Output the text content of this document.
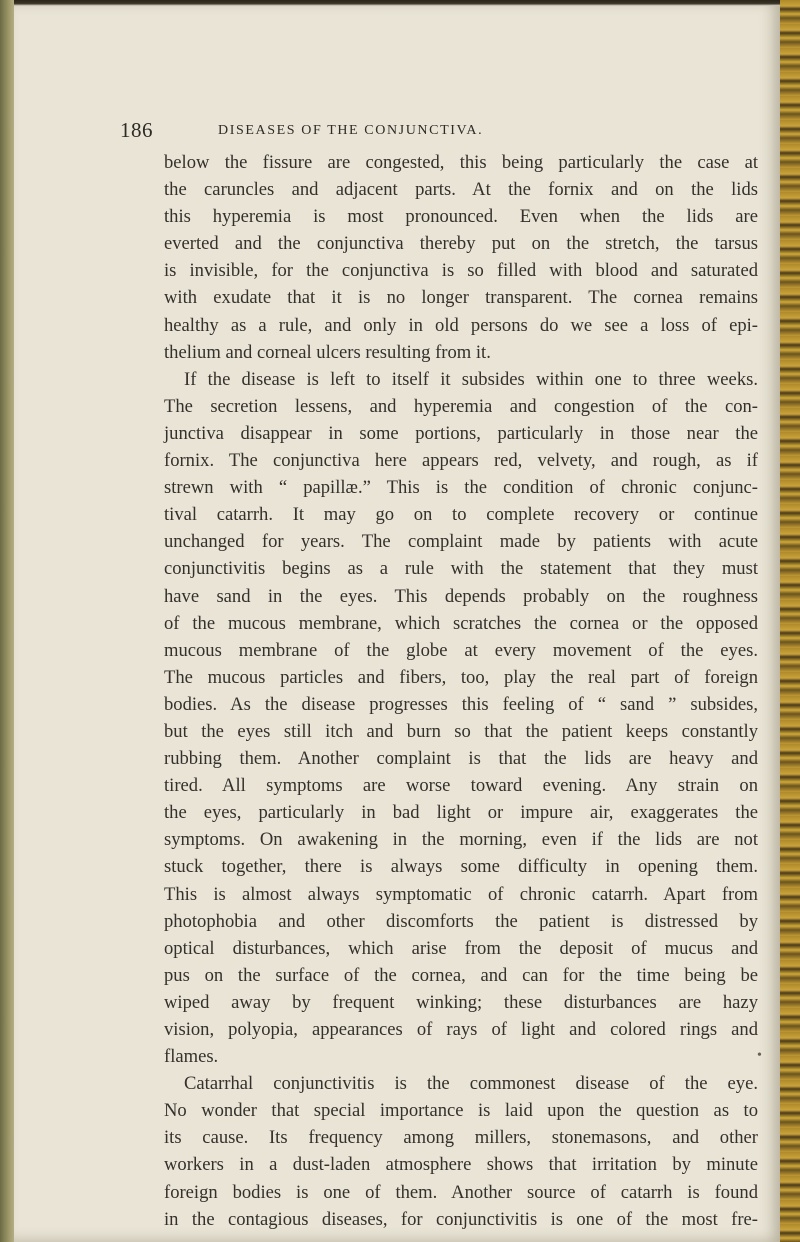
186	DISEASES OF THE CONJUNCTIVA.
below the fissure are congested, this being particularly the case at
the caruncles and adjacent parts. At the fornix and on the lids
this hyperemia is most pronounced. Even when the lids are
everted and the conjunctiva thereby put on the stretch, the tarsus
is invisible, for the conjunctiva is so filled with blood and saturated
with exudate that it is no longer transparent. The cornea remains
healthy as a rule, and only in old persons do we see a loss of epi-
thelium and corneal ulcers resulting from it.
If the disease is left to itself it subsides within one to three weeks.
The secretion lessens, and hyperemia and congestion of the con-
junctiva disappear in some portions, particularly in those near the
fornix. The conjunctiva here appears red, velvety, and rough, as if
strewn with “ papillæ.” This is the condition of chronic conjunc-
tival catarrh. It may go on to complete recovery or continue
unchanged for years. The complaint made by patients with acute
conjunctivitis begins as a rule with the statement that they must
have sand in the eyes. This depends probably on the roughness
of the mucous membrane, which scratches the cornea or the opposed
mucous membrane of the globe at every movement of the eyes.
The mucous particles and fibers, too, play the real part of foreign
bodies. As the disease progresses this feeling of “ sand ” subsides,
but the eyes still itch and burn so that the patient keeps constantly
rubbing them. Another complaint is that the lids are heavy and
tired. All symptoms are worse toward evening. Any strain on
the eyes, particularly in bad light or impure air, exaggerates the
symptoms. On awakening in the morning, even if the lids are not
stuck together, there is always some difficulty in opening them.
This is almost always symptomatic of chronic catarrh. Apart from
photophobia and other discomforts the patient is distressed by
optical disturbances, which arise from the deposit of mucus and
pus on the surface of the cornea, and can for the time being be
wiped away by frequent winking; these disturbances are hazy
vision, polyopia, appearances of rays of light and colored rings and
flames.
Catarrhal conjunctivitis is the commonest disease of the eye.
No wonder that special importance is laid upon the question as to
its cause. Its frequency among millers, stonemasons, and other
workers in a dust-laden atmosphere shows that irritation by minute
foreign bodies is one of them. Another source of catarrh is found
in the contagious diseases, for conjunctivitis is one of the most fre-
•
